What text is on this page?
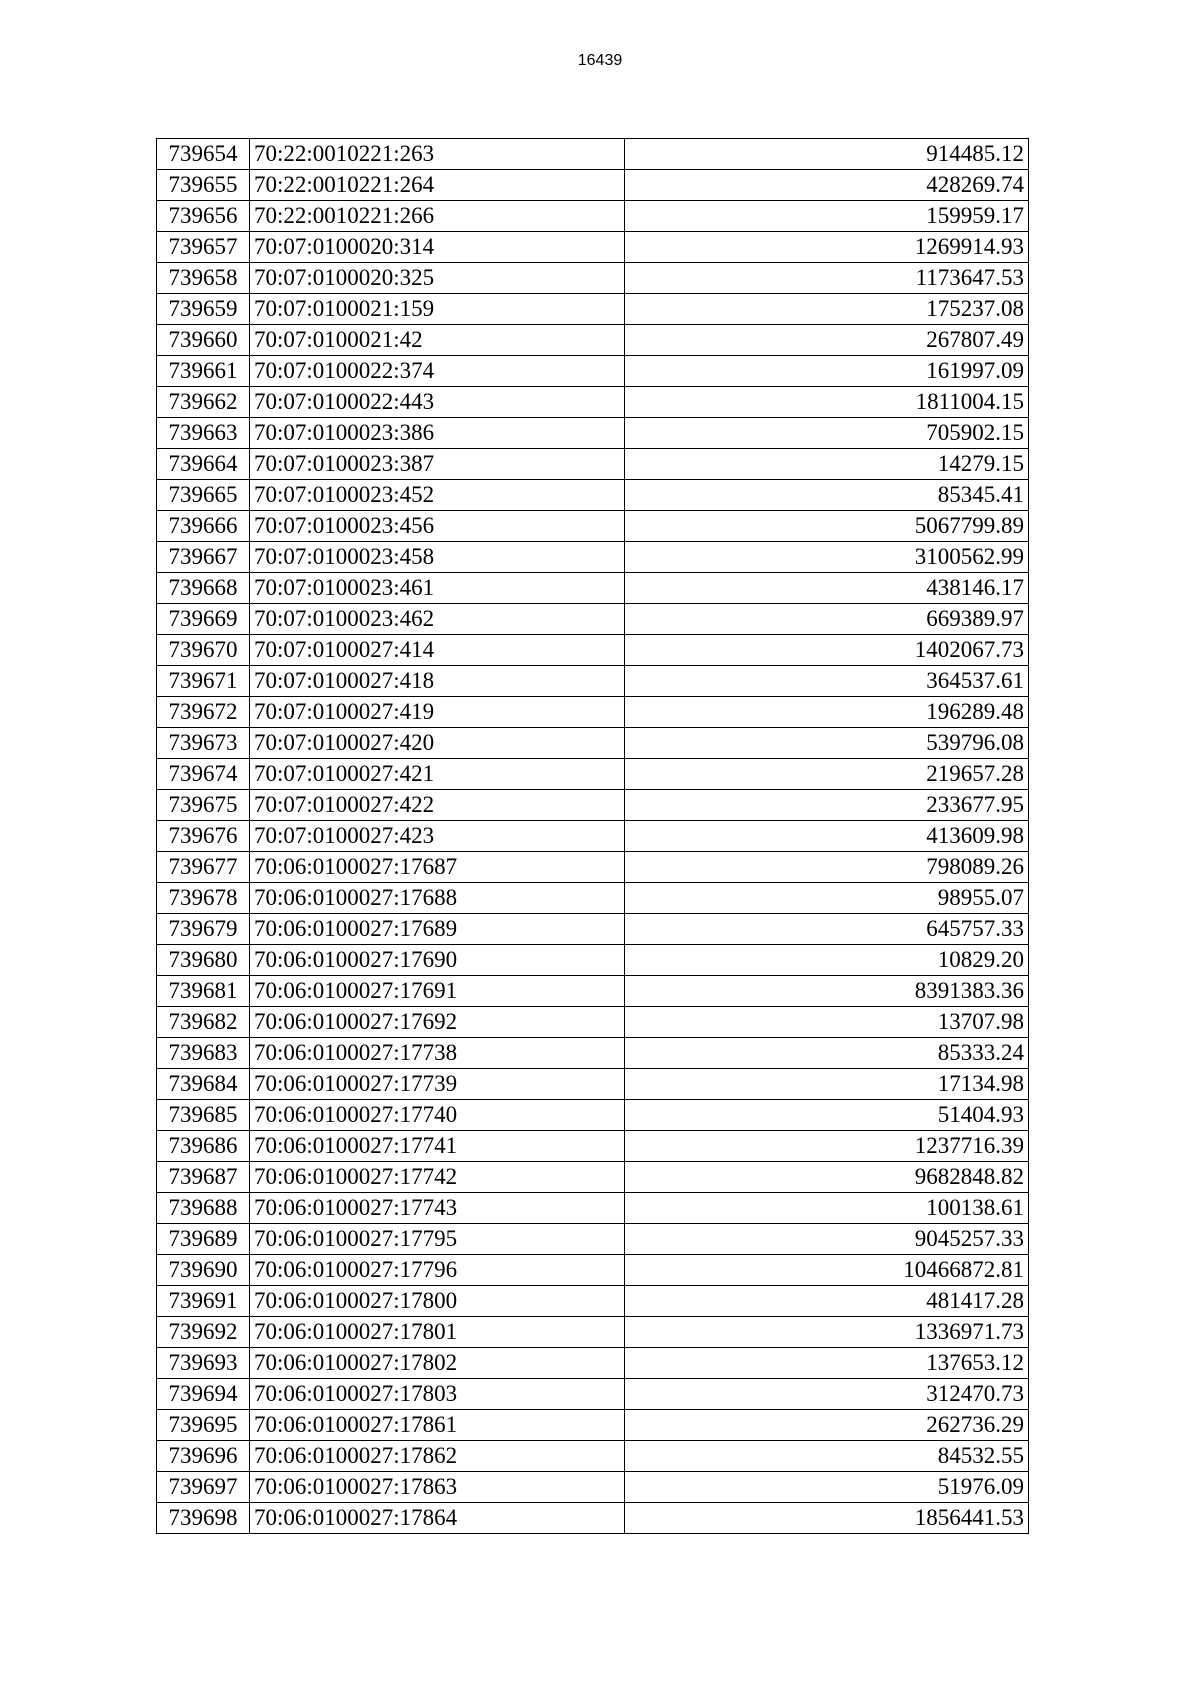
16439
739654	70:22:0010221:263	914485.12
739655	70:22:0010221:264	428269.74
739656	70:22:0010221:266	159959.17
739657	70:07:0100020:314	1269914.93
739658	70:07:0100020:325	1173647.53
739659	70:07:0100021:159	175237.08
739660	70:07:0100021:42	267807.49
739661	70:07:0100022:374	161997.09
739662	70:07:0100022:443	1811004.15
739663	70:07:0100023:386	705902.15
739664	70:07:0100023:387	14279.15
739665	70:07:0100023:452	85345.41
739666	70:07:0100023:456	5067799.89
739667	70:07:0100023:458	3100562.99
739668	70:07:0100023:461	438146.17
739669	70:07:0100023:462	669389.97
739670	70:07:0100027:414	1402067.73
739671	70:07:0100027:418	364537.61
739672	70:07:0100027:419	196289.48
739673	70:07:0100027:420	539796.08
739674	70:07:0100027:421	219657.28
739675	70:07:0100027:422	233677.95
739676	70:07:0100027:423	413609.98
739677	70:06:0100027:17687	798089.26
739678	70:06:0100027:17688	98955.07
739679	70:06:0100027:17689	645757.33
739680	70:06:0100027:17690	10829.20
739681	70:06:0100027:17691	8391383.36
739682	70:06:0100027:17692	13707.98
739683	70:06:0100027:17738	85333.24
739684	70:06:0100027:17739	17134.98
739685	70:06:0100027:17740	51404.93
739686	70:06:0100027:17741	1237716.39
739687	70:06:0100027:17742	9682848.82
739688	70:06:0100027:17743	100138.61
739689	70:06:0100027:17795	9045257.33
739690	70:06:0100027:17796	10466872.81
739691	70:06:0100027:17800	481417.28
739692	70:06:0100027:17801	1336971.73
739693	70:06:0100027:17802	137653.12
739694	70:06:0100027:17803	312470.73
739695	70:06:0100027:17861	262736.29
739696	70:06:0100027:17862	84532.55
739697	70:06:0100027:17863	51976.09
739698	70:06:0100027:17864	1856441.53
